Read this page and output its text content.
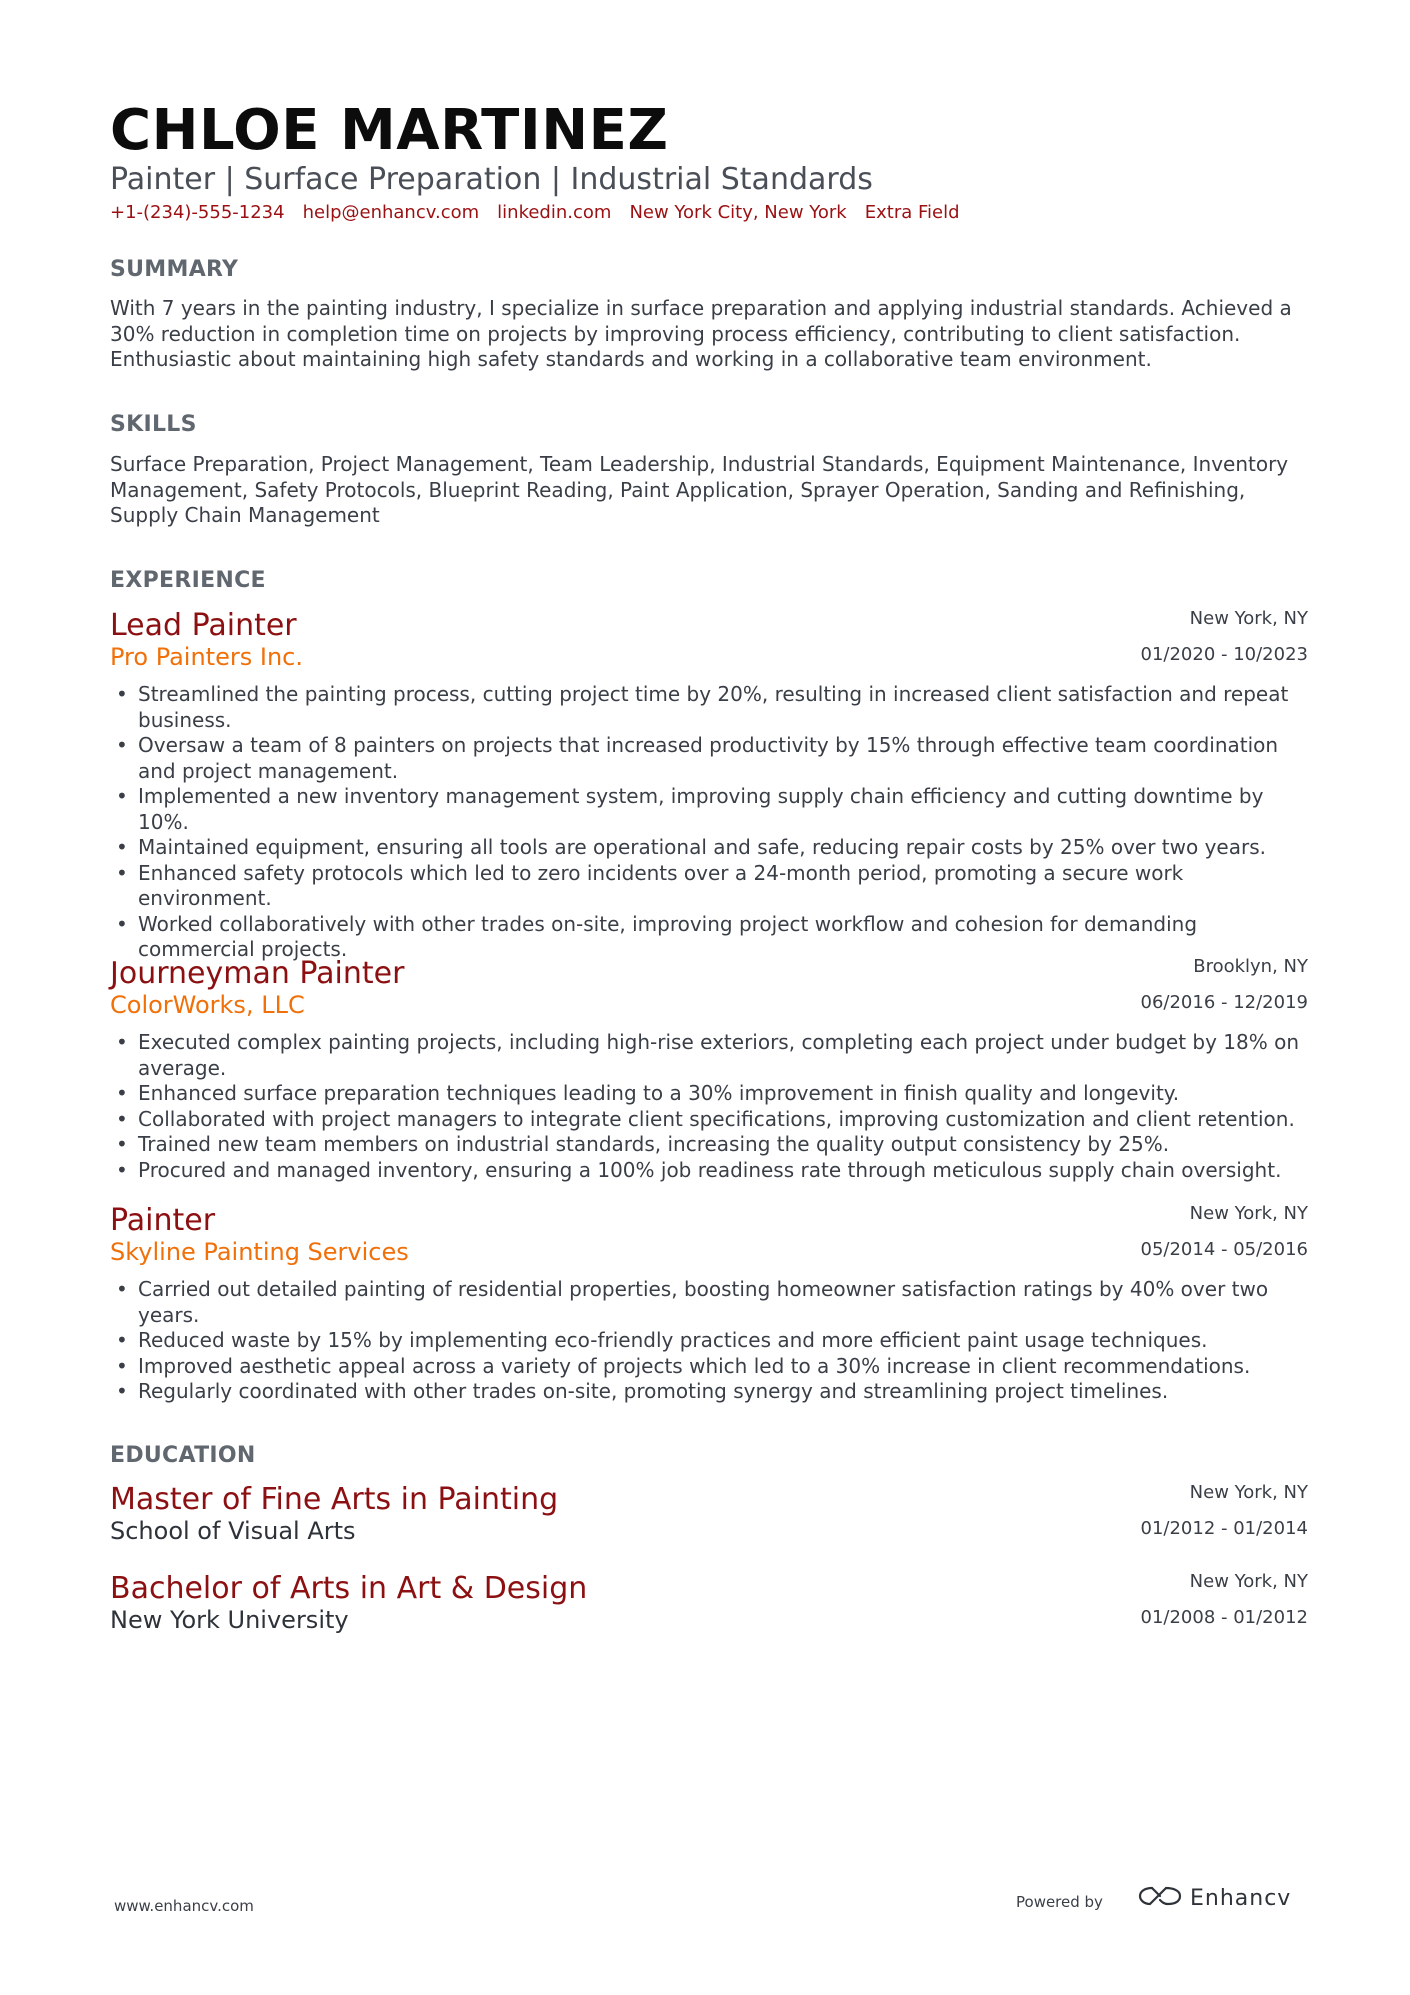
CHLOE MARTINEZ
Painter | Surface Preparation | Industrial Standards
+1-(234)-555-1234 help@enhancv.com linkedin.com New York City, New York Extra Field
SUMMARY

With 7 years in the painting industry, I specialize in surface preparation and applying industrial standards. Achieved a 30% reduction in completion time on projects by improving process efficiency, contributing to client satisfaction. Enthusiastic about maintaining high safety standards and working in a collaborative team environment.

SKILLS

Surface Preparation, Project Management, Team Leadership, Industrial Standards, Equipment Maintenance, Inventory Management, Safety Protocols, Blueprint Reading, Paint Application, Sprayer Operation, Sanding and Refinishing, Supply Chain Management

EXPERIENCE
Lead Painter
Pro Painters Inc.
New York, NY
01/2020 - 10/2023
• Streamlined the painting process, cutting project time by 20%, resulting in increased client satisfaction and repeat business.
• Oversaw a team of 8 painters on projects that increased productivity by 15% through effective team coordination and project management.
• Implemented a new inventory management system, improving supply chain efficiency and cutting downtime by 10%.
• Maintained equipment, ensuring all tools are operational and safe, reducing repair costs by 25% over two years.
• Enhanced safety protocols which led to zero incidents over a 24-month period, promoting a secure work environment.
• Worked collaboratively with other trades on-site, improving project workflow and cohesion for demanding commercial projects.
Journeyman Painter
ColorWorks, LLC
Brooklyn, NY
06/2016 - 12/2019
• Executed complex painting projects, including high-rise exteriors, completing each project under budget by 18% on average.
• Enhanced surface preparation techniques leading to a 30% improvement in finish quality and longevity.
• Collaborated with project managers to integrate client specifications, improving customization and client retention.
• Trained new team members on industrial standards, increasing the quality output consistency by 25%.
• Procured and managed inventory, ensuring a 100% job readiness rate through meticulous supply chain oversight.
Painter
Skyline Painting Services
New York, NY
05/2014 - 05/2016
• Carried out detailed painting of residential properties, boosting homeowner satisfaction ratings by 40% over two years.
• Reduced waste by 15% by implementing eco-friendly practices and more efficient paint usage techniques.
• Improved aesthetic appeal across a variety of projects which led to a 30% increase in client recommendations.
• Regularly coordinated with other trades on-site, promoting synergy and streamlining project timelines.
EDUCATION
Master of Fine Arts in Painting
School of Visual Arts
New York, NY
01/2012 - 01/2014
Bachelor of Arts in Art & Design
New York University
New York, NY
01/2008 - 01/2012
www.enhancv.com	Powered by	Enhancv
